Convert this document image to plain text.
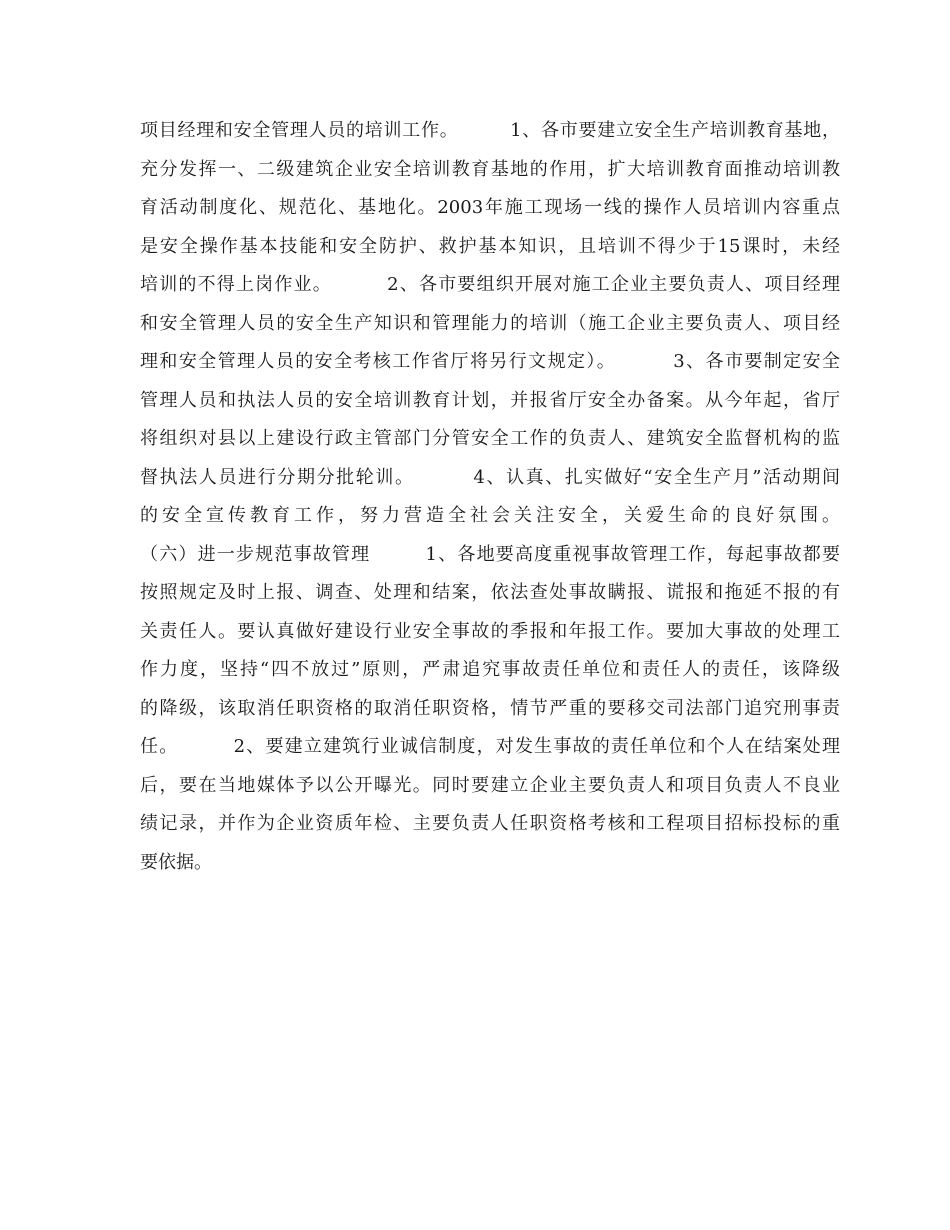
项目经理和安全管理人员的培训工作。        1、各市要建立安全生产培训教育基地，
充分发挥一、二级建筑企业安全培训教育基地的作用，扩大培训教育面推动培训教
育活动制度化、规范化、基地化。2003年施工现场一线的操作人员培训内容重点
是安全操作基本技能和安全防护、救护基本知识，且培训不得少于15课时，未经
培训的不得上岗作业。        2、各市要组织开展对施工企业主要负责人、项目经理
和安全管理人员的安全生产知识和管理能力的培训（施工企业主要负责人、项目经
理和安全管理人员的安全考核工作省厅将另行文规定）。        3、各市要制定安全
管理人员和执法人员的安全培训教育计划，并报省厅安全办备案。从今年起，省厅
将组织对县以上建设行政主管部门分管安全工作的负责人、建筑安全监督机构的监
督执法人员进行分期分批轮训。        4、认真、扎实做好“安全生产月”活动期间
的安全宣传教育工作，努力营造全社会关注安全，关爱生命的良好氛围。
（六）进一步规范事故管理        1、各地要高度重视事故管理工作，每起事故都要
按照规定及时上报、调查、处理和结案，依法查处事故瞒报、谎报和拖延不报的有
关责任人。要认真做好建设行业安全事故的季报和年报工作。要加大事故的处理工
作力度，坚持“四不放过”原则，严肃追究事故责任单位和责任人的责任，该降级
的降级，该取消任职资格的取消任职资格，情节严重的要移交司法部门追究刑事责
任。        2、要建立建筑行业诚信制度，对发生事故的责任单位和个人在结案处理
后，要在当地媒体予以公开曝光。同时要建立企业主要负责人和项目负责人不良业
绩记录，并作为企业资质年检、主要负责人任职资格考核和工程项目招标投标的重
要依据。
